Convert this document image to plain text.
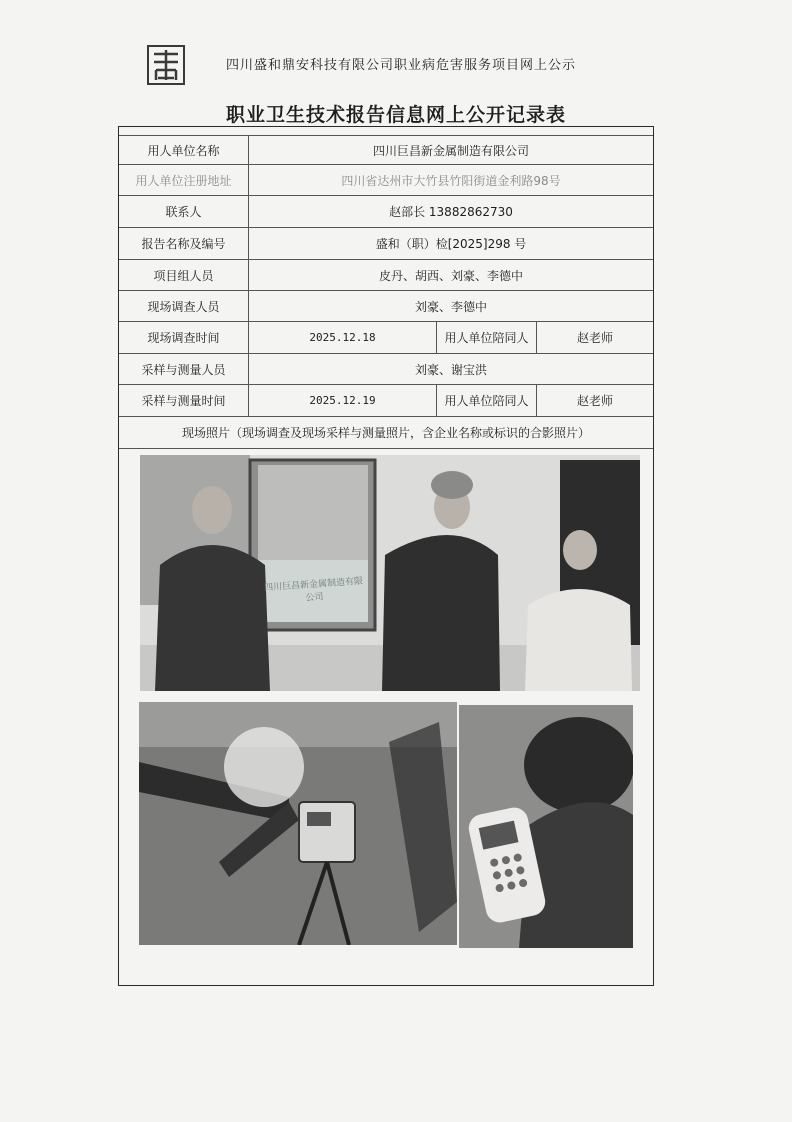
四川盛和鼎安科技有限公司职业病危害服务项目网上公示
职业卫生技术报告信息网上公开记录表
用人单位名称	四川巨昌新金属制造有限公司
用人单位注册地址	四川省达州市大竹县竹阳街道金利路98号
联系人	赵部长 13882862730
报告名称及编号	盛和（职）检[2025]298 号
项目组人员	皮丹、胡西、刘豪、李德中
现场调查人员	刘豪、李德中
现场调查时间	2025.12.18	用人单位陪同人	赵老师
采样与测量人员	刘豪、谢宝洪
采样与测量时间	2025.12.19	用人单位陪同人	赵老师
现场照片（现场调查及现场采样与测量照片，含企业名称或标识的合影照片）
四川巨昌新金属制造有限公司
